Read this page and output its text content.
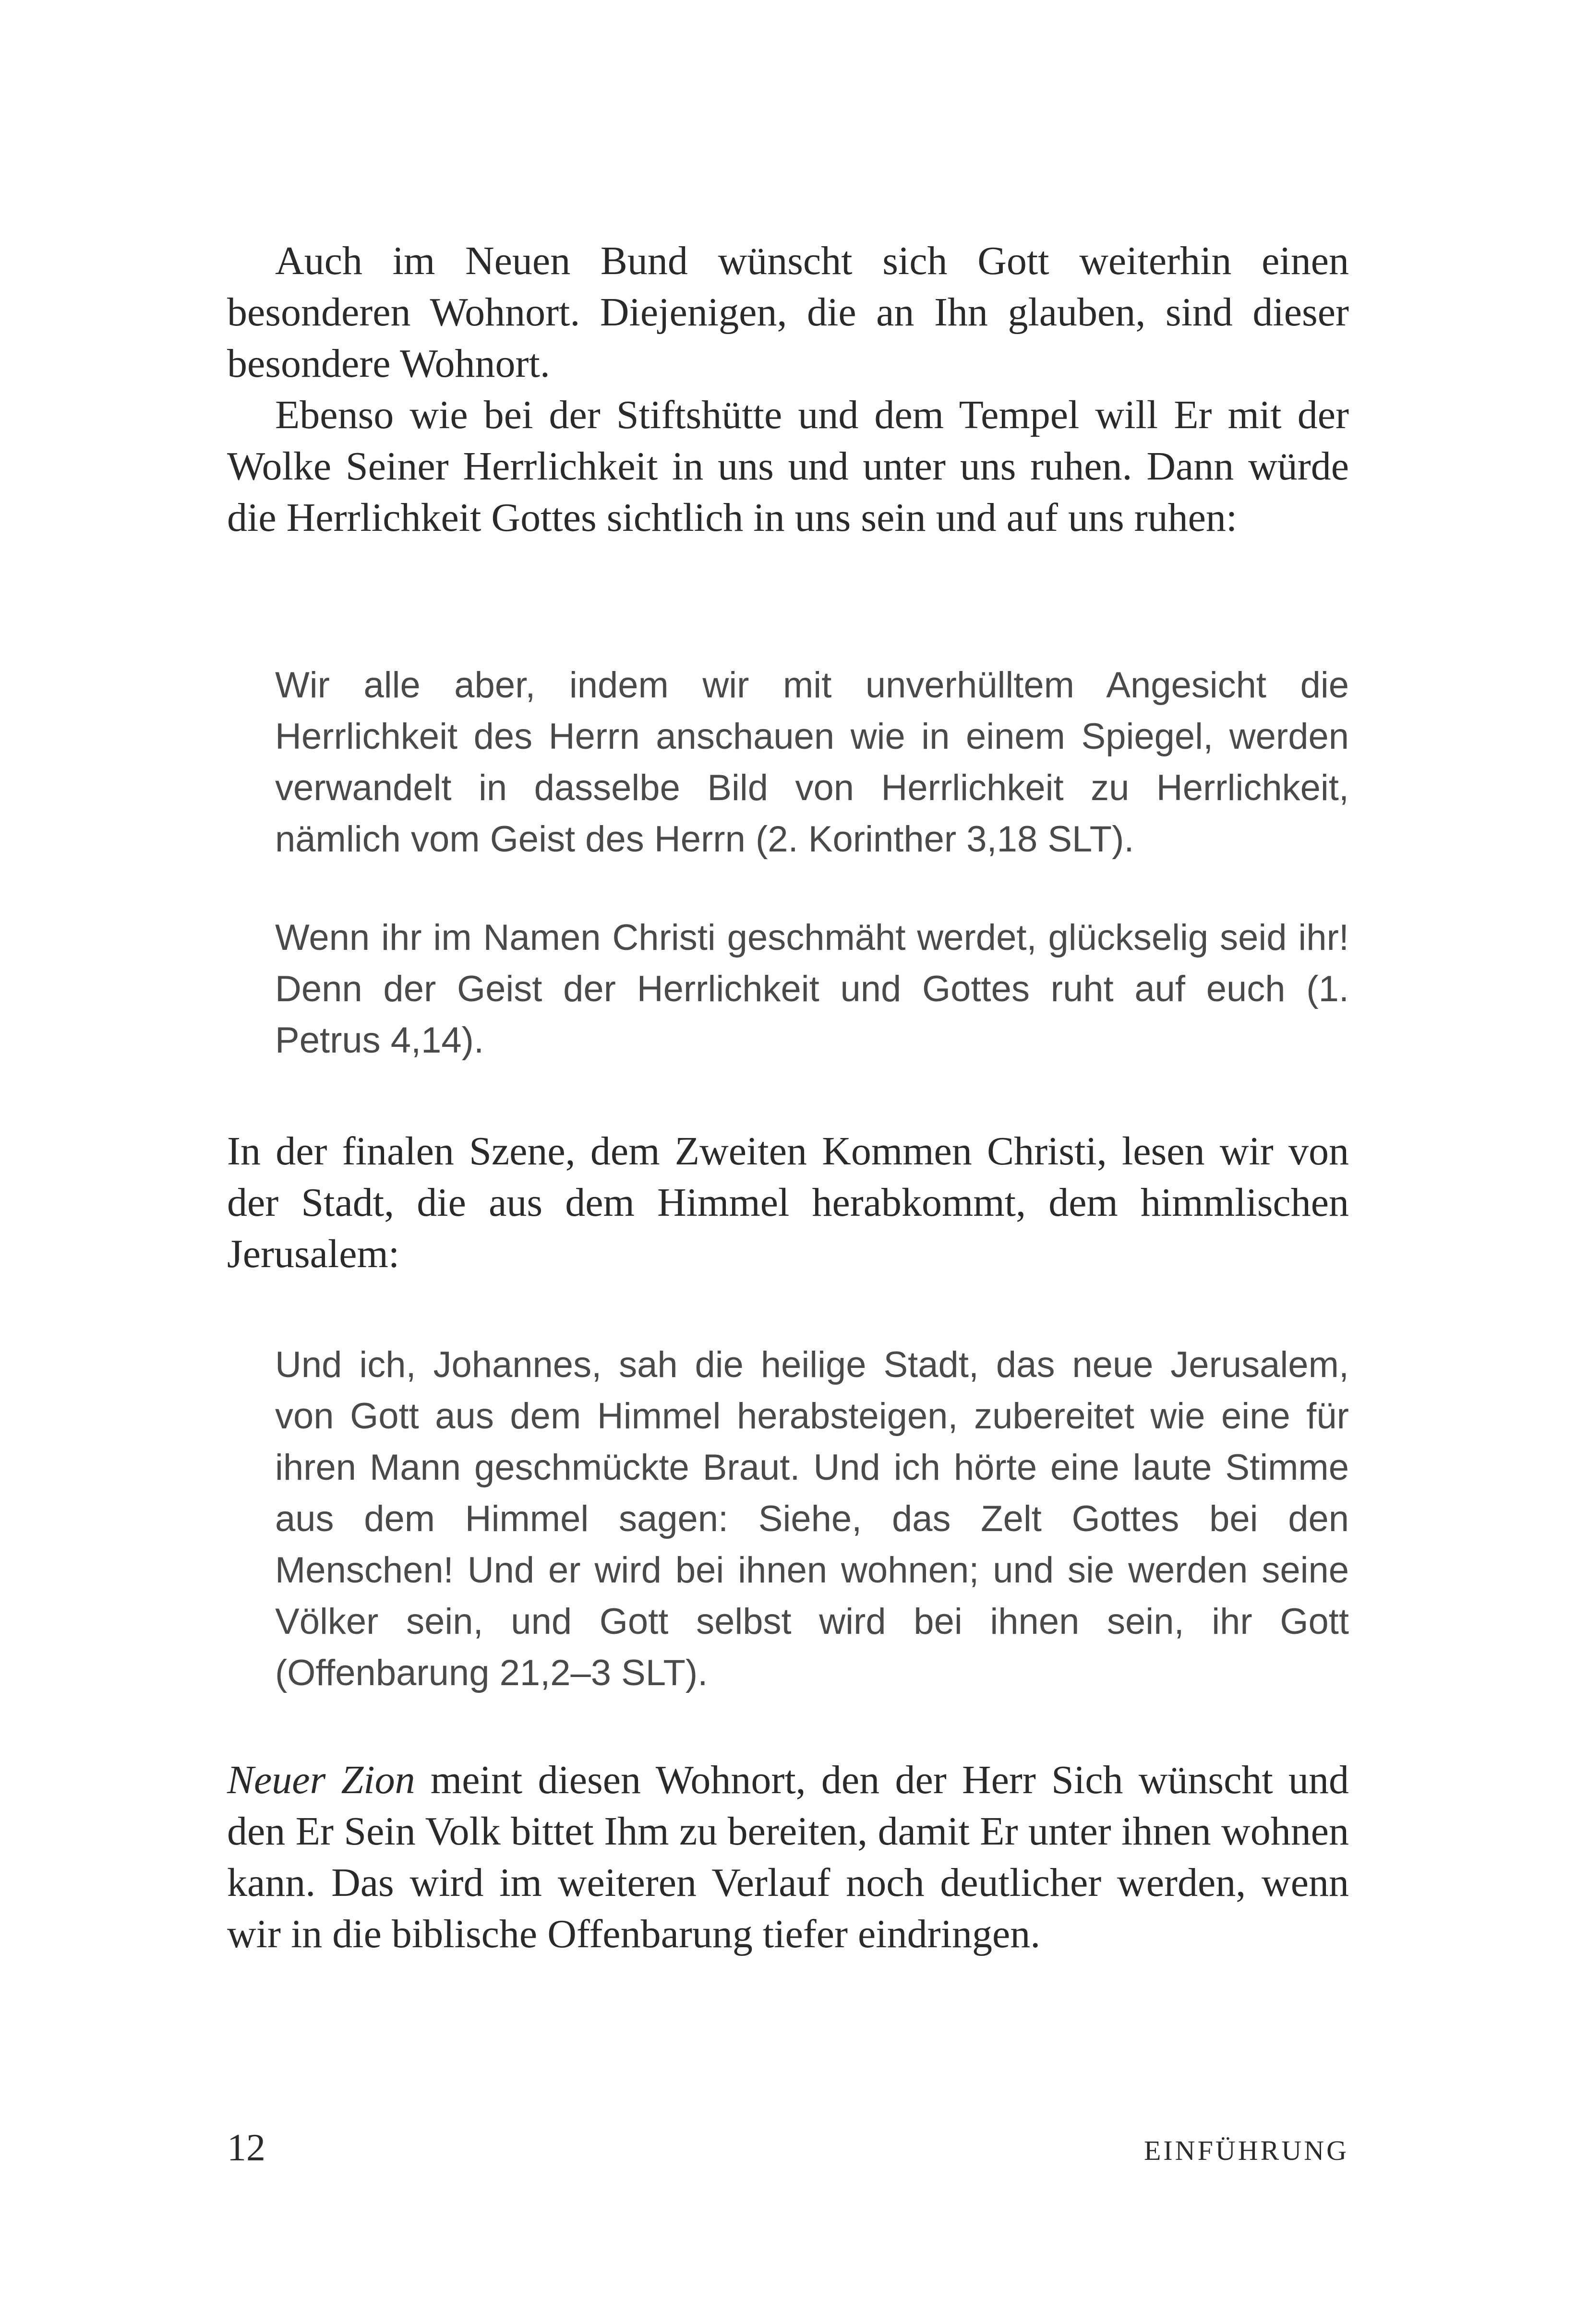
Auch im Neuen Bund wünscht sich Gott weiterhin einen besonderen Wohnort. Diejenigen, die an Ihn glauben, sind dieser besondere Wohnort.

Ebenso wie bei der Stiftshütte und dem Tempel will Er mit der Wolke Seiner Herrlichkeit in uns und unter uns ruhen. Dann würde die Herrlichkeit Gottes sichtlich in uns sein und auf uns ruhen:

Wir alle aber, indem wir mit unverhülltem Angesicht die Herrlichkeit des Herrn anschauen wie in einem Spiegel, werden verwandelt in dasselbe Bild von Herrlichkeit zu Herrlichkeit, nämlich vom Geist des Herrn (2. Korinther 3,18 SLT).

Wenn ihr im Namen Christi geschmäht werdet, glückselig seid ihr! Denn der Geist der Herrlichkeit und Gottes ruht auf euch (1. Petrus 4,14).

In der finalen Szene, dem Zweiten Kommen Christi, lesen wir von der Stadt, die aus dem Himmel herabkommt, dem himmlischen Jerusalem:

Und ich, Johannes, sah die heilige Stadt, das neue Jerusalem, von Gott aus dem Himmel herabsteigen, zubereitet wie eine für ihren Mann geschmückte Braut. Und ich hörte eine laute Stimme aus dem Himmel sagen: Siehe, das Zelt Gottes bei den Menschen! Und er wird bei ihnen wohnen; und sie werden seine Völker sein, und Gott selbst wird bei ihnen sein, ihr Gott (Offenbarung 21,2–3 SLT).

Neuer Zion meint diesen Wohnort, den der Herr Sich wünscht und den Er Sein Volk bittet Ihm zu bereiten, damit Er unter ihnen wohnen kann. Das wird im weiteren Verlauf noch deutlicher werden, wenn wir in die biblische Offenbarung tiefer eindringen.

12	EINFÜHRUNG
